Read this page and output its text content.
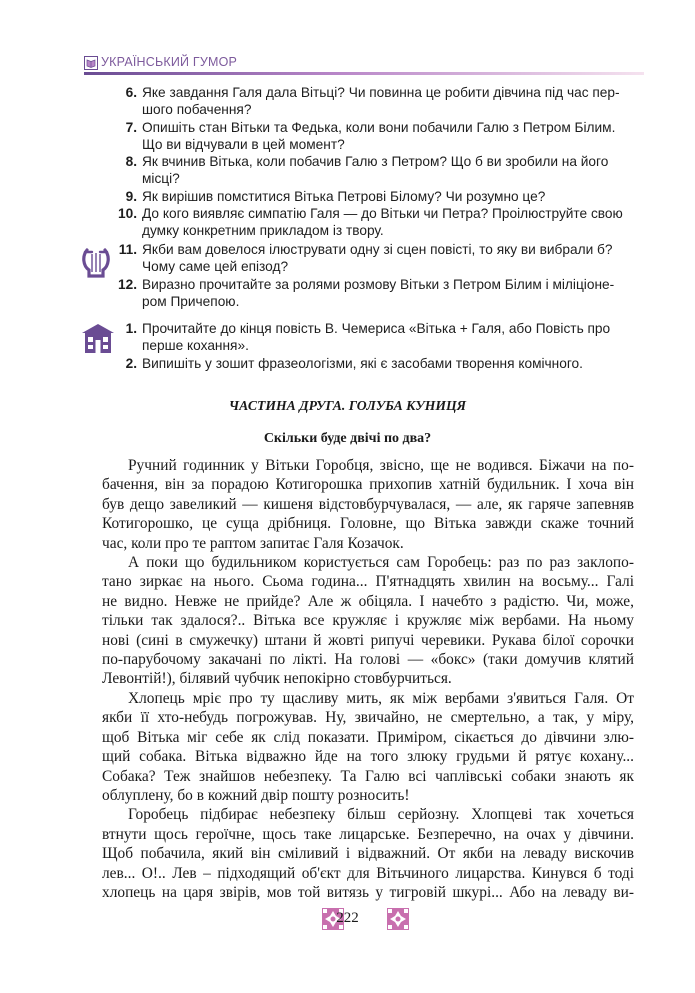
УКРАЇНСЬКИЙ ГУМОР
6. Яке завдання Галя дала Вітьці? Чи повинна це робити дівчина під час пер-
шого побачення?
7. Опишіть стан Вітьки та Федька, коли вони побачили Галю з Петром Білим.
Що ви відчували в цей момент?
8. Як вчинив Вітька, коли побачив Галю з Петром? Що б ви зробили на його
місці?
9. Як вирішив помститися Вітька Петрові Білому? Чи розумно це?
10. До кого виявляє симпатію Галя — до Вітьки чи Петра? Проілюструйте свою
думку конкретним прикладом із твору.
11. Якби вам довелося ілюструвати одну зі сцен повісті, то яку ви вибрали б?
Чому саме цей епізод?
12. Виразно прочитайте за ролями розмову Вітьки з Петром Білим і міліціоне-
ром Причепою.
1. Прочитайте до кінця повість В. Чемериса «Вітька + Галя, або Повість про
перше кохання».
2. Випишіть у зошит фразеологізми, які є засобами творення комічного.
ЧАСТИНА ДРУГА. ГОЛУБА КУНИЦЯ
Скільки буде двічі по два?
Ручний годинник у Вітьки Горобця, звісно, ще не водився. Біжачи на по-
бачення, він за порадою Котигорошка прихопив хатній будильник. І хоча він
був дещо завеликий — кишеня відстовбурчувалася, — але, як гаряче запевняв
Котигорошко, це суща дрібниця. Головне, що Вітька завжди скаже точний
час, коли про те раптом запитає Галя Козачок.
А поки що будильником користується сам Горобець: раз по раз заклопо-
тано зиркає на нього. Сьома година... П'ятнадцять хвилин на восьму... Галі
не видно. Невже не прийде? Але ж обіцяла. І начебто з радістю. Чи, може,
тільки так здалося?.. Вітька все кружляє і кружляє між вербами. На ньому
нові (сині в смужечку) штани й жовті рипучі черевики. Рукава білої сорочки
по-парубочому закачані по лікті. На голові — «бокс» (таки домучив клятий
Левонтій!), білявий чубчик непокірно стовбурчиться.
Хлопець мріє про ту щасливу мить, як між вербами з'явиться Галя. От
якби її хто-небудь погрожував. Ну, звичайно, не смертельно, а так, у міру,
щоб Вітька міг себе як слід показати. Приміром, сікається до дівчини злю-
щий собака. Вітька відважно йде на того злюку грудьми й рятує кохану...
Собака? Теж знайшов небезпеку. Та Галю всі чаплівські собаки знають як
облуплену, бо в кожний двір пошту розносить!
Горобець підбирає небезпеку більш серйозну. Хлопцеві так хочеться
втнути щось героїчне, щось таке лицарське. Безперечно, на очах у дівчини.
Щоб побачила, який він сміливий і відважний. От якби на леваду вискочив
лев... О!.. Лев – підходящий об'єкт для Вітьчиного лицарства. Кинувся б тоді
хлопець на царя звірів, мов той витязь у тигровій шкурі... Або на леваду ви-
222
